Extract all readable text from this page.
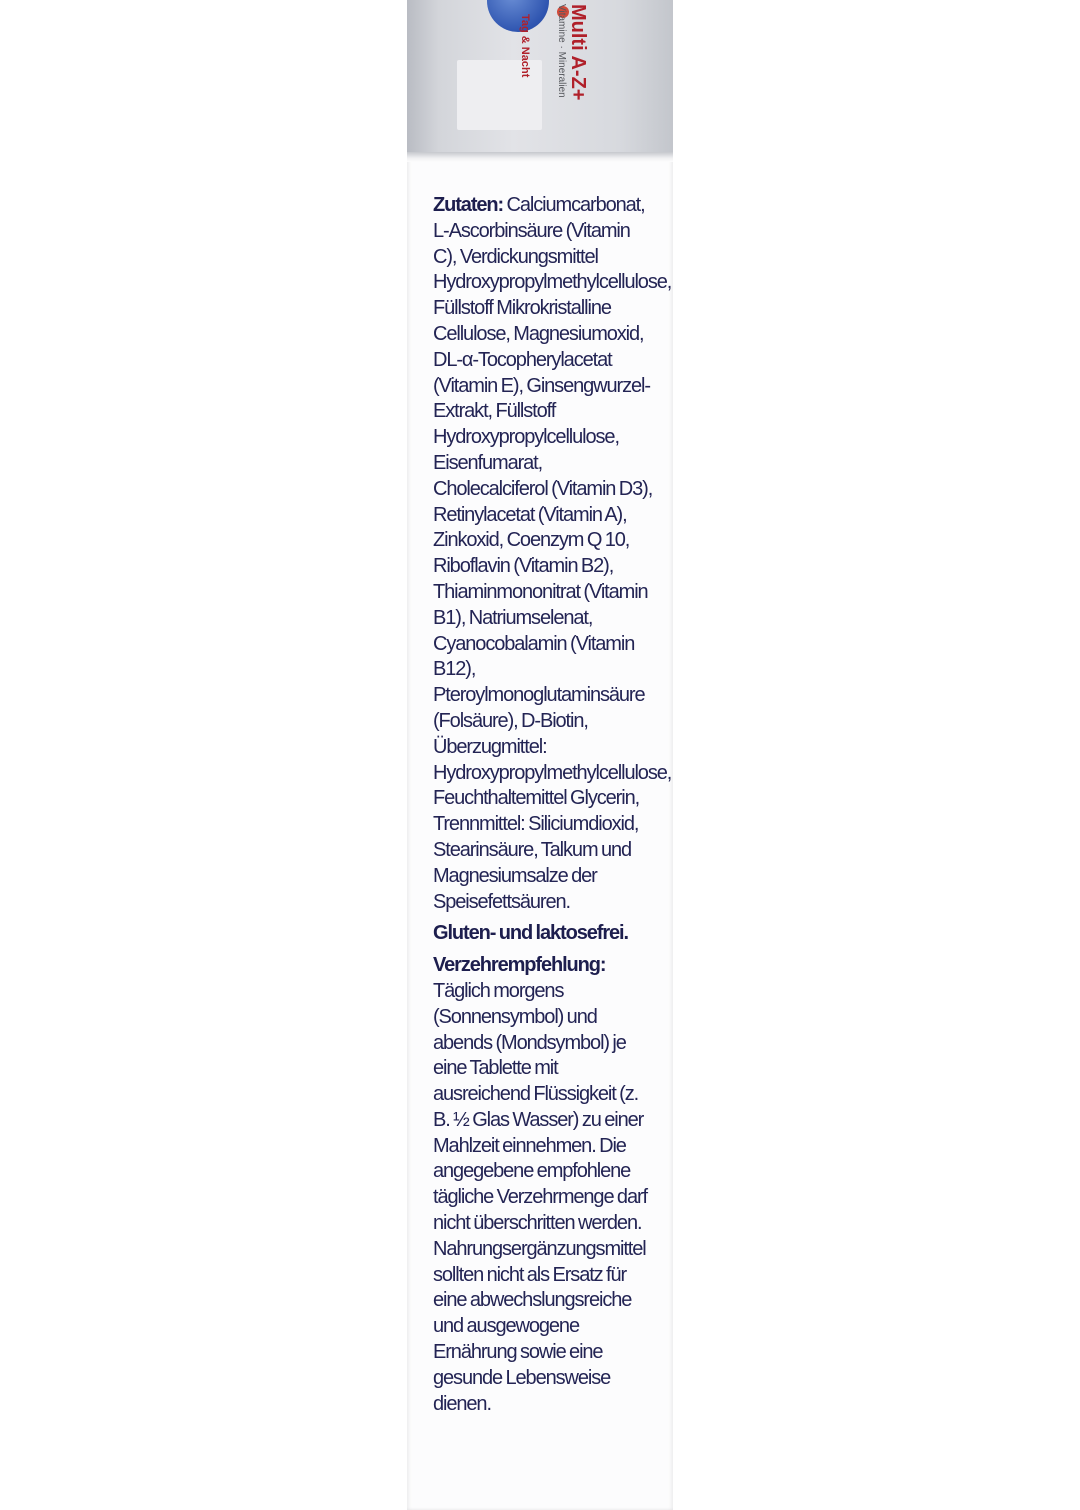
Multi A-Z+
Vitamine · Mineralien
Tag & Nacht

Zutaten: Calciumcarbonat, L-Ascorbinsäure (Vitamin C), Verdickungsmittel Hydroxypropylmethylcellulose, Füllstoff Mikrokristalline Cellulose, Magnesiumoxid, DL-α-Tocopherylacetat (Vitamin E), Ginsengwurzel-Extrakt, Füllstoff Hydroxypropylcellulose, Eisenfumarat, Cholecalciferol (Vitamin D3), Retinylacetat (Vitamin A), Zinkoxid, Coenzym Q 10, Riboflavin (Vitamin B2), Thiaminmononitrat (Vitamin B1), Natriumselenat, Cyanocobalamin (Vitamin B12), Pteroylmonoglutaminsäure (Folsäure), D-Biotin, Überzugmittel: Hydroxypropylmethylcellulose, Feuchthaltemittel Glycerin, Trennmittel: Siliciumdioxid, Stearinsäure, Talkum und Magnesiumsalze der Speisefettsäuren.

Gluten- und laktosefrei.

Verzehrempfehlung:

Täglich morgens (Sonnensymbol) und abends (Mondsymbol) je eine Tablette mit ausreichend Flüssigkeit (z. B. ½ Glas Wasser) zu einer Mahlzeit einnehmen. Die angegebene empfohlene tägliche Verzehrmenge darf nicht überschritten werden. Nahrungsergänzungsmittel sollten nicht als Ersatz für eine abwechslungsreiche und ausgewogene Ernährung sowie eine gesunde Lebensweise dienen.
